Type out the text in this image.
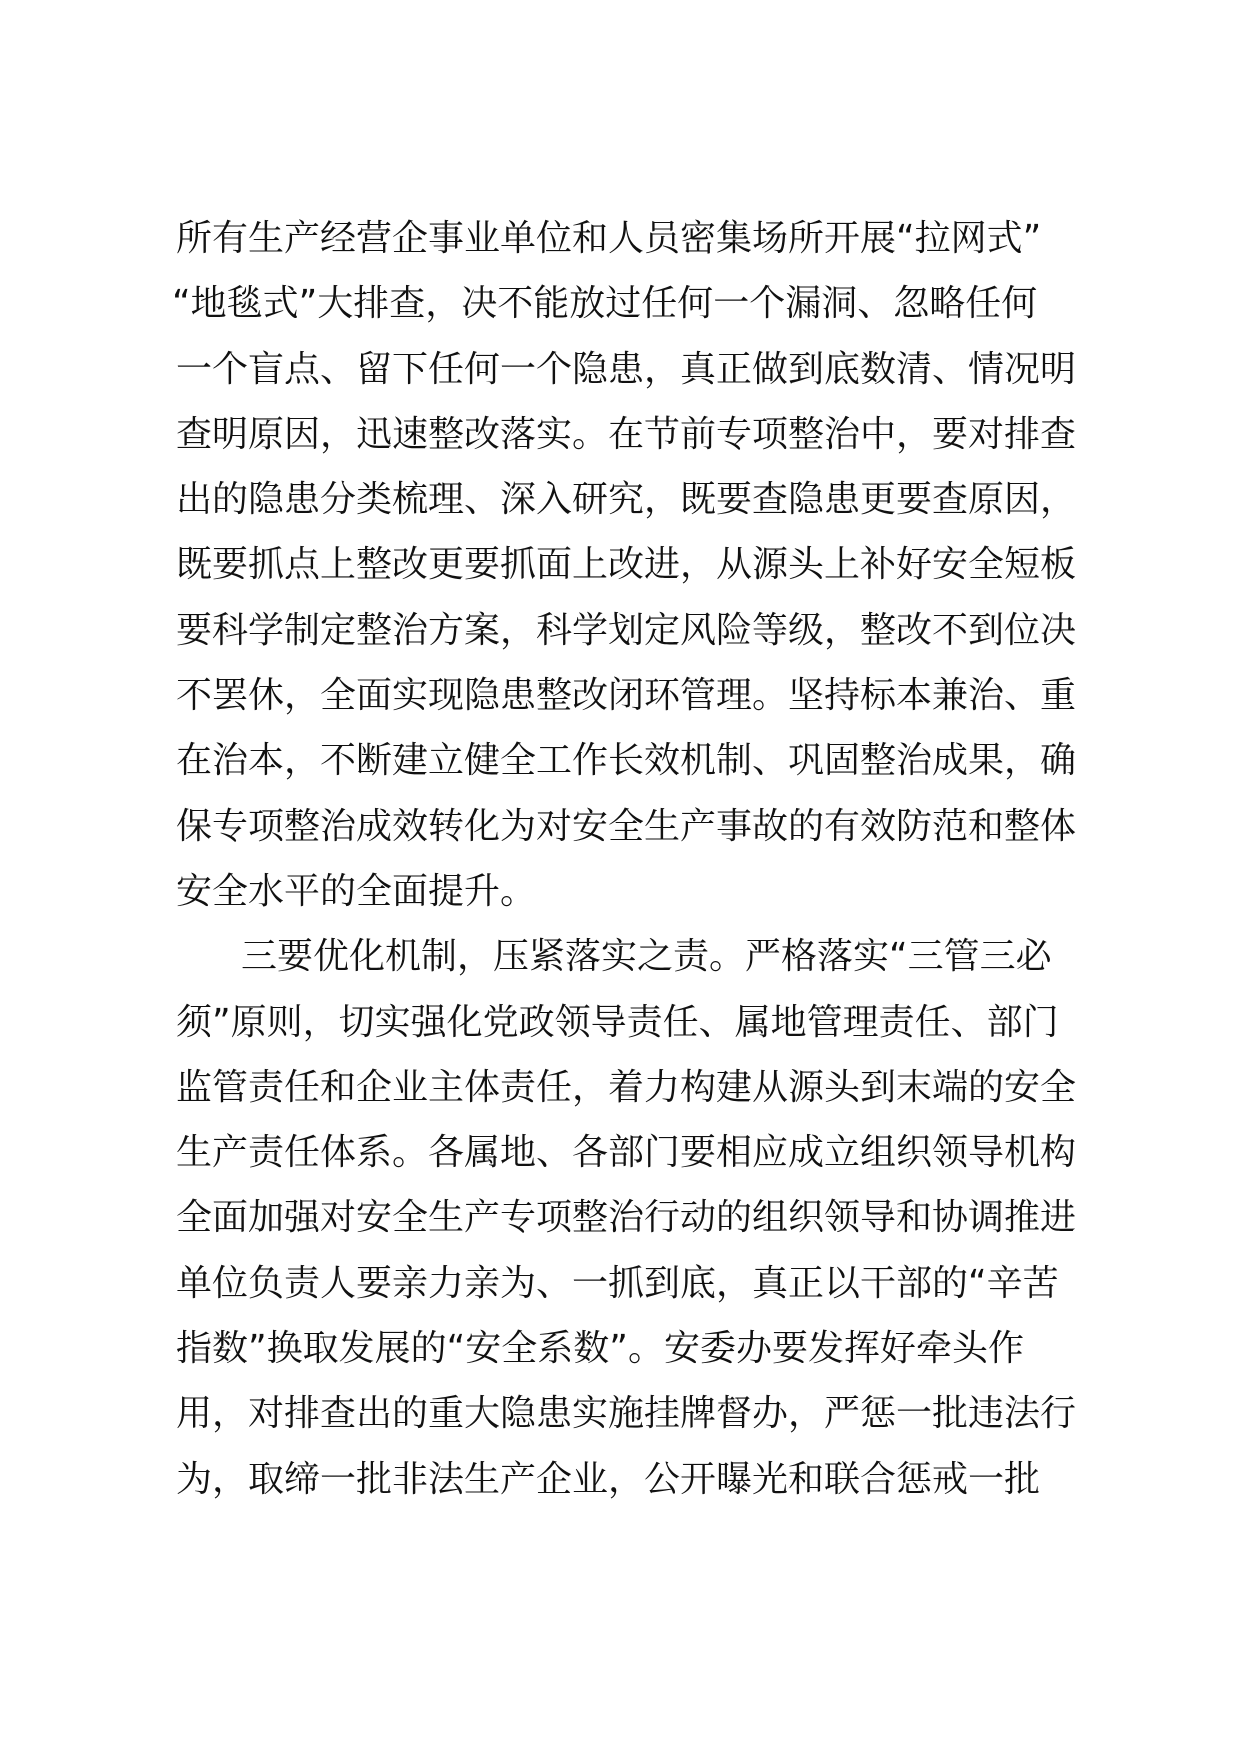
所有生产经营企事业单位和人员密集场所开展“拉网式”
“地毯式”大排查，决不能放过任何一个漏洞、忽略任何
一个盲点、留下任何一个隐患，真正做到底数清、情况明
查明原因，迅速整改落实。在节前专项整治中，要对排查
出的隐患分类梳理、深入研究，既要查隐患更要查原因，
既要抓点上整改更要抓面上改进，从源头上补好安全短板
要科学制定整治方案，科学划定风险等级，整改不到位决
不罢休，全面实现隐患整改闭环管理。坚持标本兼治、重
在治本，不断建立健全工作长效机制、巩固整治成果，确
保专项整治成效转化为对安全生产事故的有效防范和整体
安全水平的全面提升。
三要优化机制，压紧落实之责。严格落实“三管三必
须”原则，切实强化党政领导责任、属地管理责任、部门
监管责任和企业主体责任，着力构建从源头到末端的安全
生产责任体系。各属地、各部门要相应成立组织领导机构
全面加强对安全生产专项整治行动的组织领导和协调推进
单位负责人要亲力亲为、一抓到底，真正以干部的“辛苦
指数”换取发展的“安全系数”。安委办要发挥好牵头作
用，对排查出的重大隐患实施挂牌督办，严惩一批违法行
为，取缔一批非法生产企业，公开曝光和联合惩戒一批
